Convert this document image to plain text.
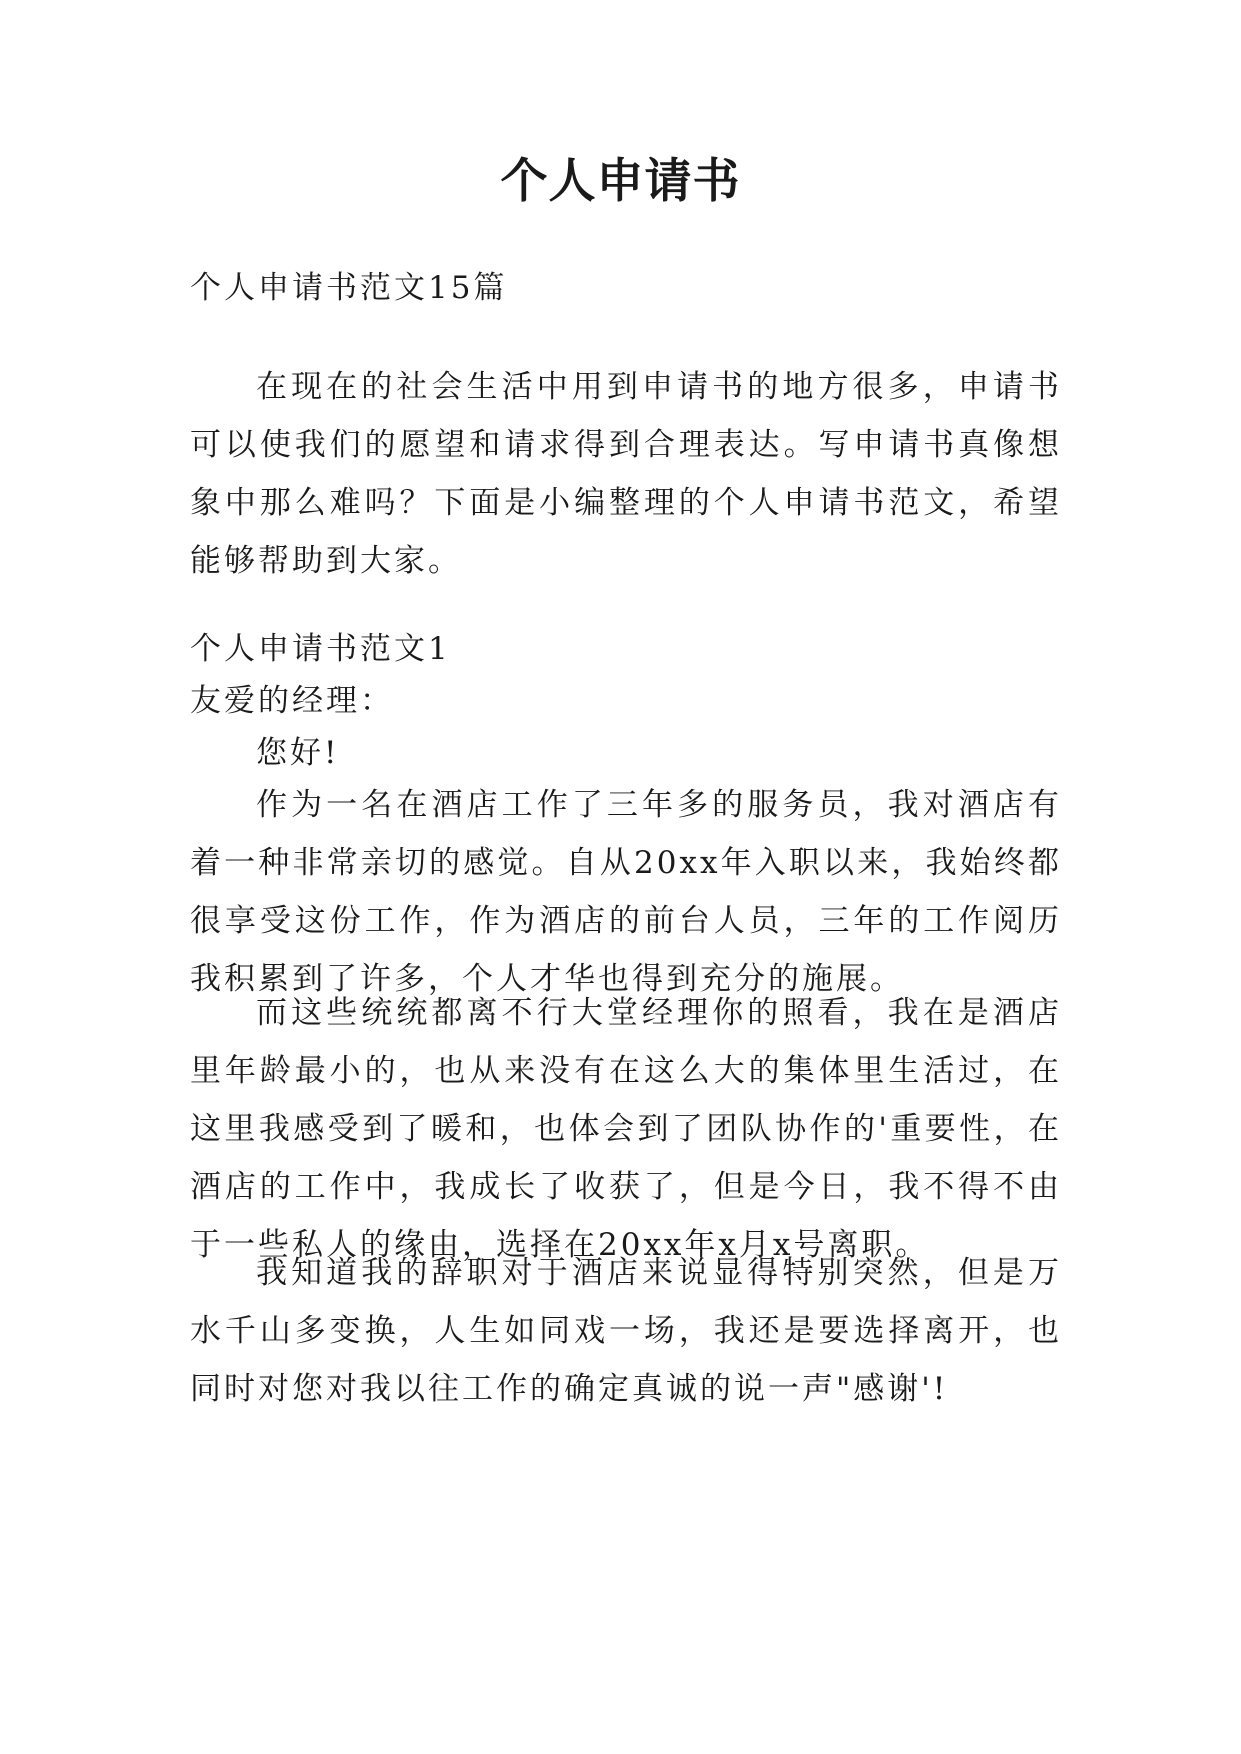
个人申请书

个人申请书范文15篇

在现在的社会生活中用到申请书的地方很多，申请书可以使我们的愿望和请求得到合理表达。写申请书真像想象中那么难吗？下面是小编整理的个人申请书范文，希望能够帮助到大家。

个人申请书范文1

友爱的经理：

您好!

作为一名在酒店工作了三年多的服务员，我对酒店有着一种非常亲切的感觉。自从20xx年入职以来，我始终都很享受这份工作，作为酒店的前台人员，三年的工作阅历我积累到了许多，个人才华也得到充分的施展。

而这些统统都离不行大堂经理你的照看，我在是酒店里年龄最小的，也从来没有在这么大的集体里生活过，在这里我感受到了暖和，也体会到了团队协作的'重要性，在酒店的工作中，我成长了收获了，但是今日，我不得不由于一些私人的缘由，选择在20xx年x月x号离职。

我知道我的辞职对于酒店来说显得特别突然，但是万水千山多变换，人生如同戏一场，我还是要选择离开，也同时对您对我以往工作的确定真诚的说一声"感谢'!
